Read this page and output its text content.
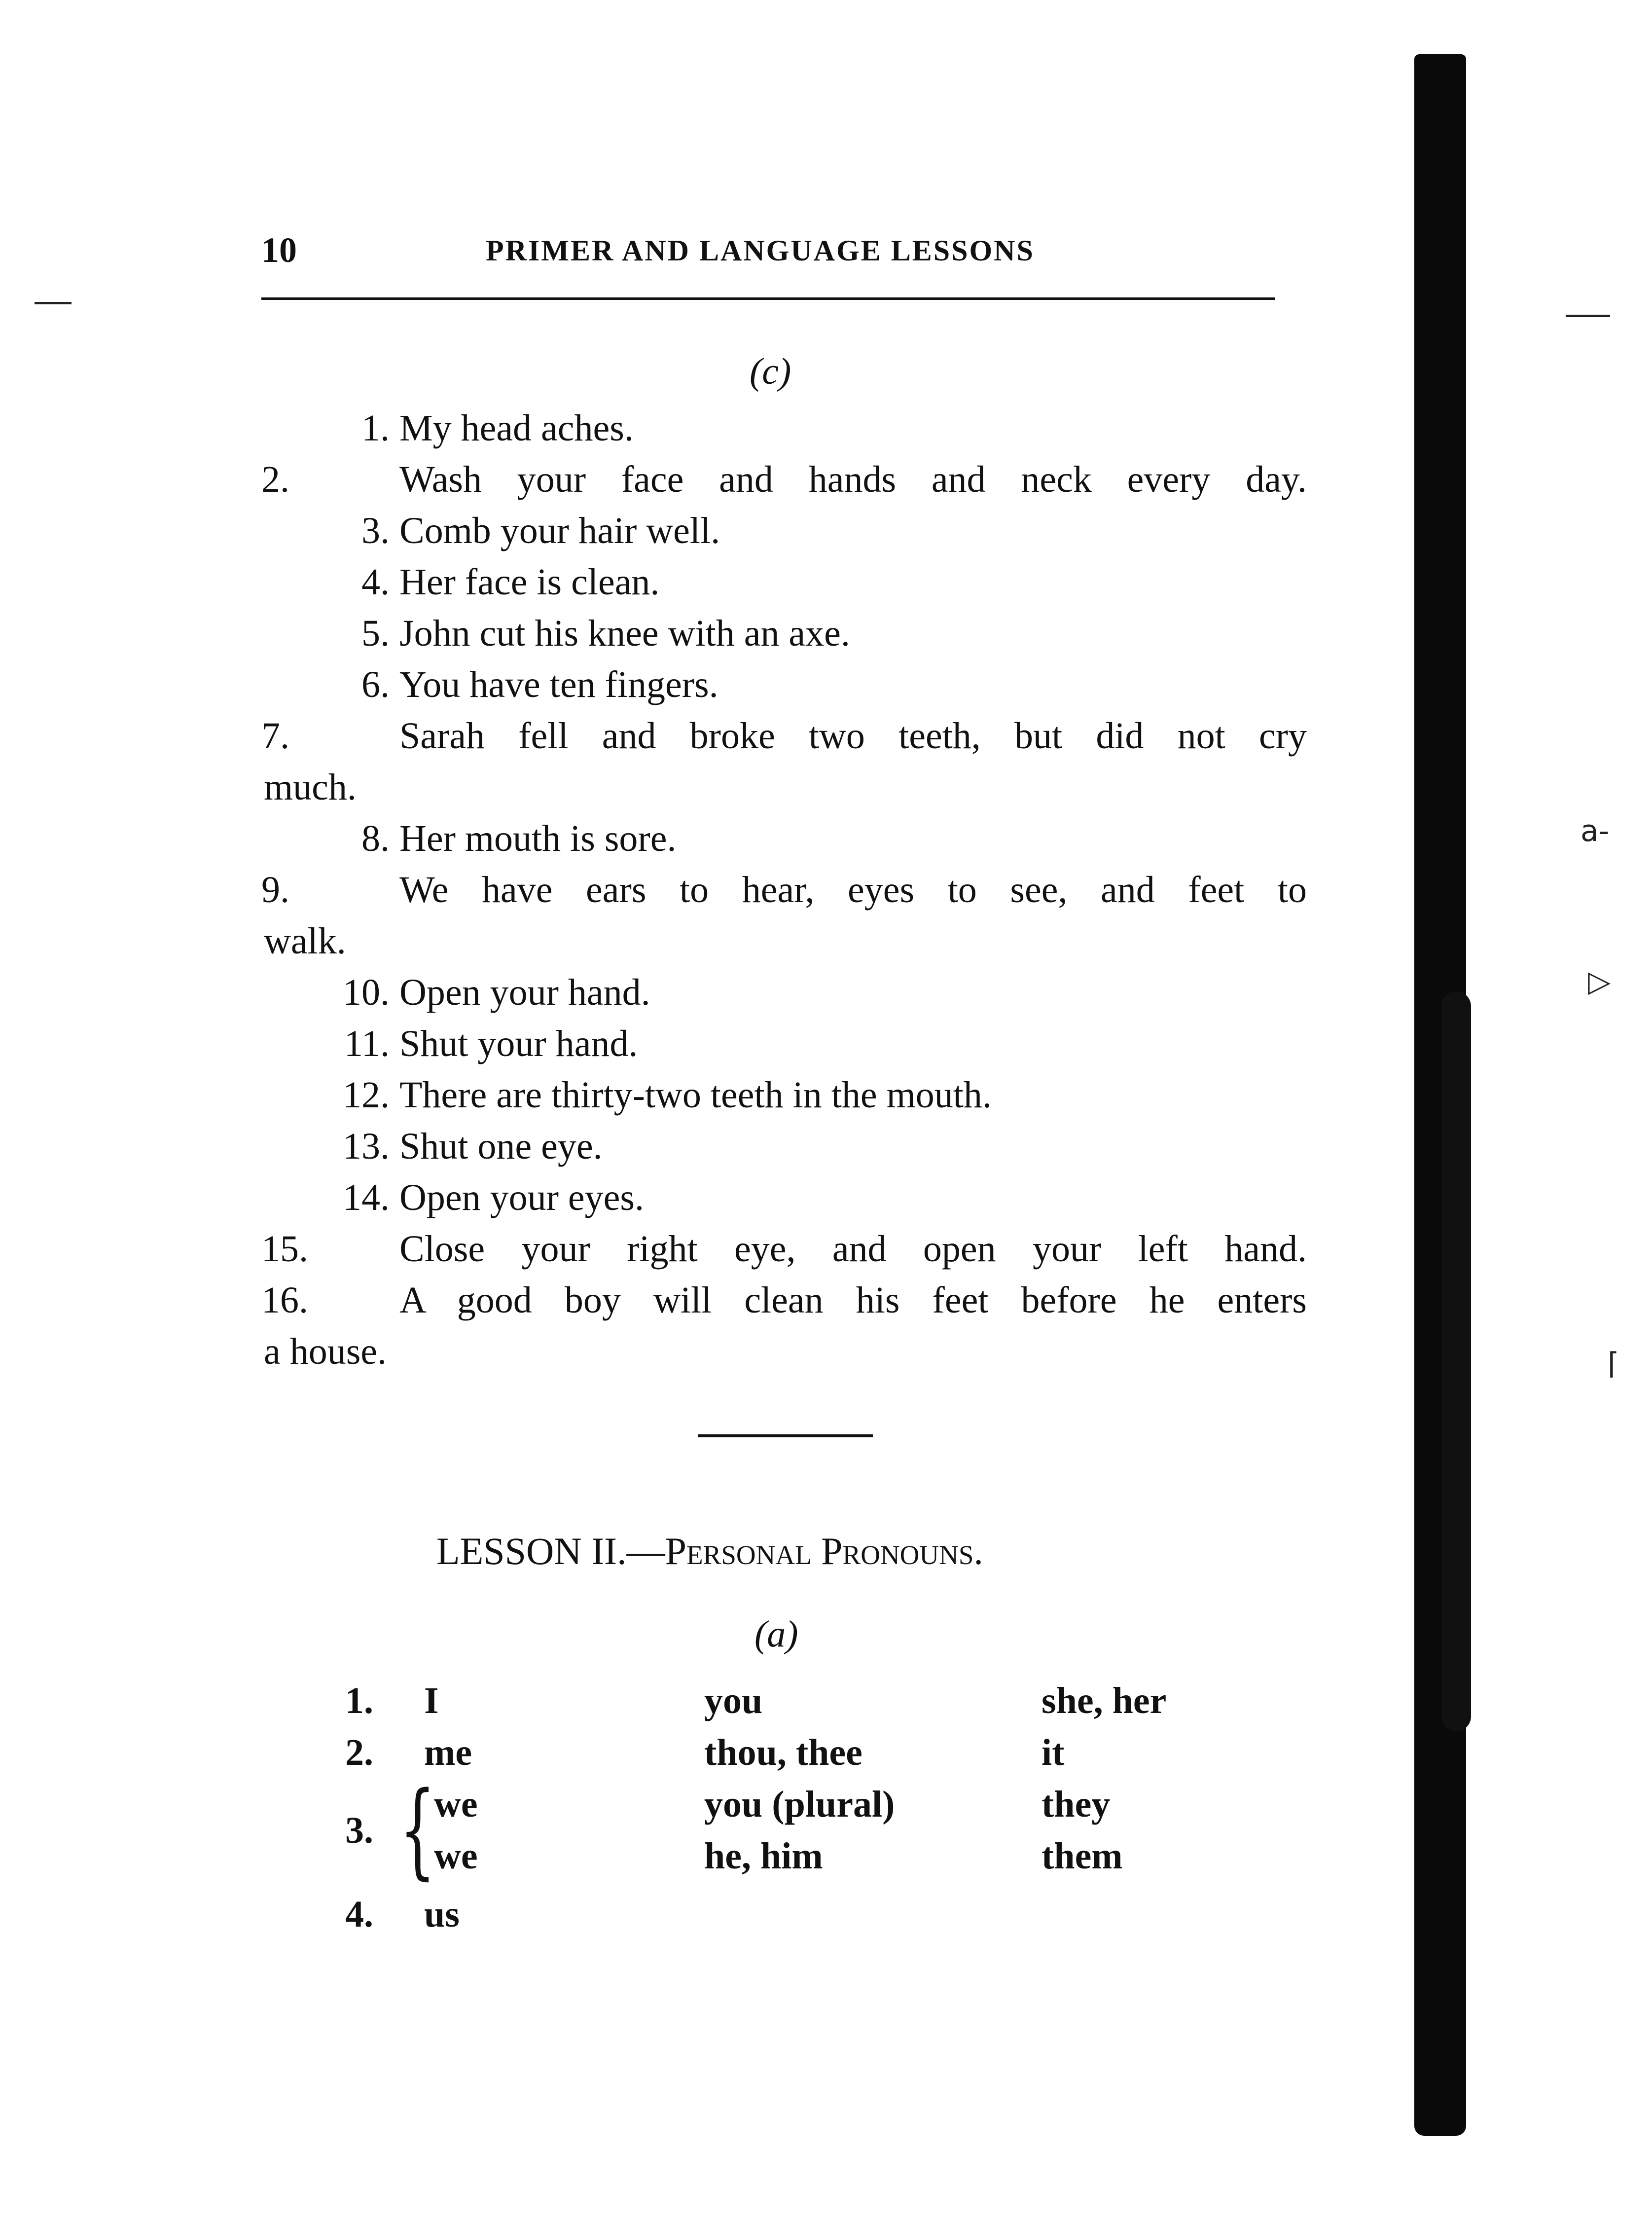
10	PRIMER AND LANGUAGE LESSONS
(c)
1. My head aches.
2.	Wash your face and hands and neck every day.
3. Comb your hair well.
4. Her face is clean.
5. John cut his knee with an axe.
6. You have ten fingers.
7.	Sarah fell and broke two teeth, but did not cry
much.
8. Her mouth is sore.
9.	We have ears to hear, eyes to see, and feet to
walk.
10. Open your hand.
11. Shut your hand.
12. There are thirty-two teeth in the mouth.
13. Shut one eye.
14. Open your eyes.
15. Close your right eye, and open your left hand.
16. A good boy will clean his feet before he enters
a house.
LESSON II.—Personal Pronouns.
(a)
1. I	you	she, her
2. me	thou, thee	it
3. {
we	you (plural)	they
we	he, him	them
4. us
a-
▷
⌈
